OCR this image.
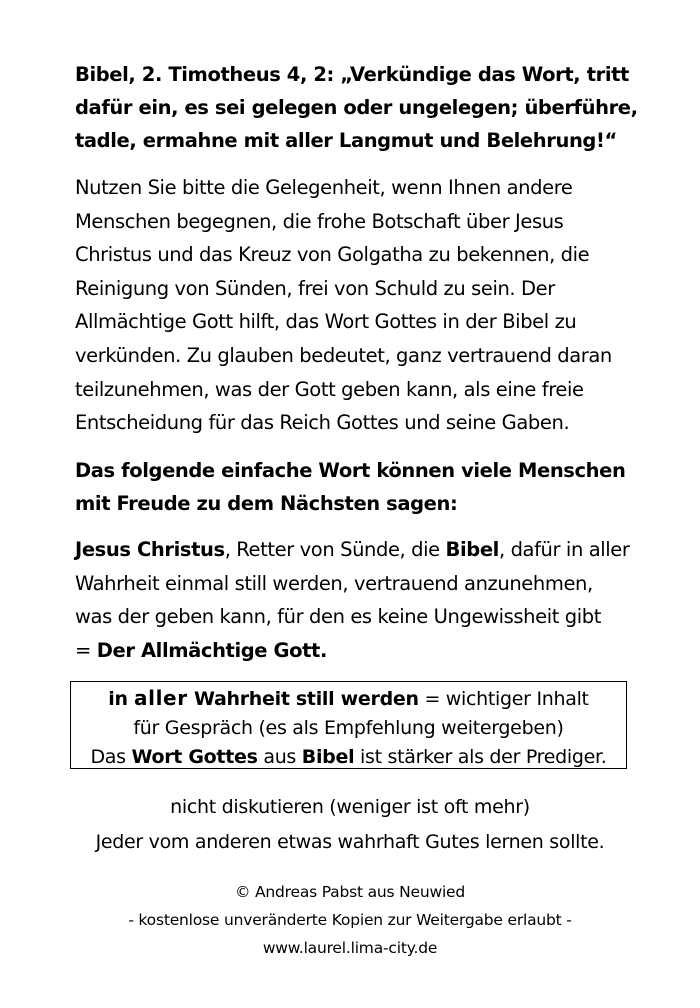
Bibel, 2. Timotheus 4, 2: „Verkündige das Wort, tritt
dafür ein, es sei gelegen oder ungelegen; überführe,
tadle, ermahne mit aller Langmut und Belehrung!“
Nutzen Sie bitte die Gelegenheit, wenn Ihnen andere
Menschen begegnen, die frohe Botschaft über Jesus
Christus und das Kreuz von Golgatha zu bekennen, die
Reinigung von Sünden, frei von Schuld zu sein. Der
Allmächtige Gott hilft, das Wort Gottes in der Bibel zu
verkünden. Zu glauben bedeutet, ganz vertrauend daran
teilzunehmen, was der Gott geben kann, als eine freie
Entscheidung für das Reich Gottes und seine Gaben.
Das folgende einfache Wort können viele Menschen
mit Freude zu dem Nächsten sagen:
Jesus Christus, Retter von Sünde, die Bibel, dafür in aller
Wahrheit einmal still werden, vertrauend anzunehmen,
was der geben kann, für den es keine Ungewissheit gibt
= Der Allmächtige Gott.
in aller Wahrheit still werden = wichtiger Inhalt
für Gespräch (es als Empfehlung weitergeben)
Das Wort Gottes aus Bibel ist stärker als der Prediger.
nicht diskutieren (weniger ist oft mehr)
Jeder vom anderen etwas wahrhaft Gutes lernen sollte.
© Andreas Pabst aus Neuwied
- kostenlose unveränderte Kopien zur Weitergabe erlaubt -
www.laurel.lima-city.de
